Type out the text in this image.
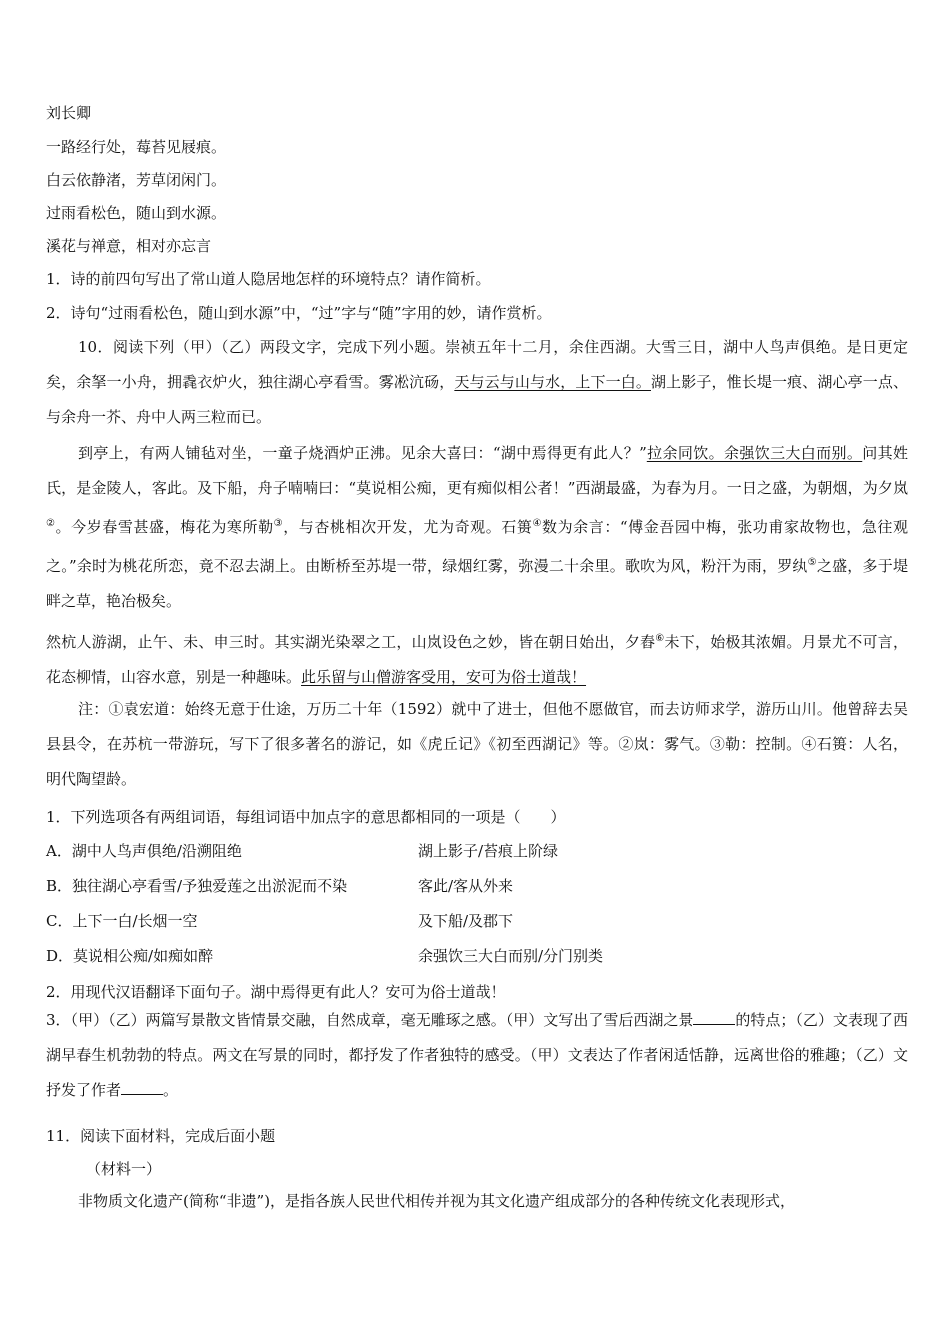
刘长卿
一路经行处，莓苔见屐痕。
白云依静渚，芳草闭闲门。
过雨看松色，随山到水源。
溪花与禅意，相对亦忘言
1．诗的前四句写出了常山道人隐居地怎样的环境特点？请作简析。
2．诗句“过雨看松色，随山到水源”中，“过”字与“随”字用的妙，请作赏析。
10．阅读下列（甲）（乙）两段文字，完成下列小题。崇祯五年十二月，余住西湖。大雪三日，湖中人鸟声俱绝。是日更定矣，余拏一小舟，拥毳衣炉火，独往湖心亭看雪。雾凇沆砀，天与云与山与水，上下一白。湖上影子，惟长堤一痕、湖心亭一点、与余舟一芥、舟中人两三粒而已。
到亭上，有两人铺毡对坐，一童子烧酒炉正沸。见余大喜曰：“湖中焉得更有此人？”拉余同饮。余强饮三大白而别。问其姓氏，是金陵人，客此。及下船，舟子喃喃曰：“莫说相公痴，更有痴似相公者！”西湖最盛，为春为月。一日之盛，为朝烟，为夕岚②。今岁春雪甚盛，梅花为寒所勒③，与杏桃相次开发，尤为奇观。石篑④数为余言：“傅金吾园中梅，张功甫家故物也，急往观之。”余时为桃花所恋，竟不忍去湖上。由断桥至苏堤一带，绿烟红雾，弥漫二十余里。歌吹为风，粉汗为雨，罗纨⑤之盛，多于堤畔之草，艳冶极矣。
然杭人游湖，止午、未、申三时。其实湖光染翠之工，山岚设色之妙，皆在朝日始出，夕舂⑥未下，始极其浓媚。月景尤不可言，花态柳情，山容水意，别是一种趣味。此乐留与山僧游客受用，安可为俗士道哉！
注：①袁宏道：始终无意于仕途，万历二十年（1592）就中了进士，但他不愿做官，而去访师求学，游历山川。他曾辞去吴县县令，在苏杭一带游玩，写下了很多著名的游记，如《虎丘记》《初至西湖记》等。②岚：雾气。③勒：控制。④石篑：人名，明代陶望龄。
1．下列选项各有两组词语，每组词语中加点字的意思都相同的一项是（　　）
A．湖中人鸟声俱绝/沿溯阻绝	湖上影子/苔痕上阶绿
B．独往湖心亭看雪/予独爱莲之出淤泥而不染	客此/客从外来
C．上下一白/长烟一空	及下船/及郡下
D．莫说相公痴/如痴如醉	余强饮三大白而别/分门别类
2．用现代汉语翻译下面句子。湖中焉得更有此人？安可为俗士道哉！
3．（甲）（乙）两篇写景散文皆情景交融，自然成章，毫无雕琢之感。（甲）文写出了雪后西湖之景	的特点；（乙）文表现了西湖早春生机勃勃的特点。两文在写景的同时，都抒发了作者独特的感受。（甲）文表达了作者闲适恬静，远离世俗的雅趣；（乙）文抒发了作者	。
11．阅读下面材料，完成后面小题
（材料一）
非物质文化遗产(简称“非遗”)，是指各族人民世代相传并视为其文化遗产组成部分的各种传统文化表现形式，
